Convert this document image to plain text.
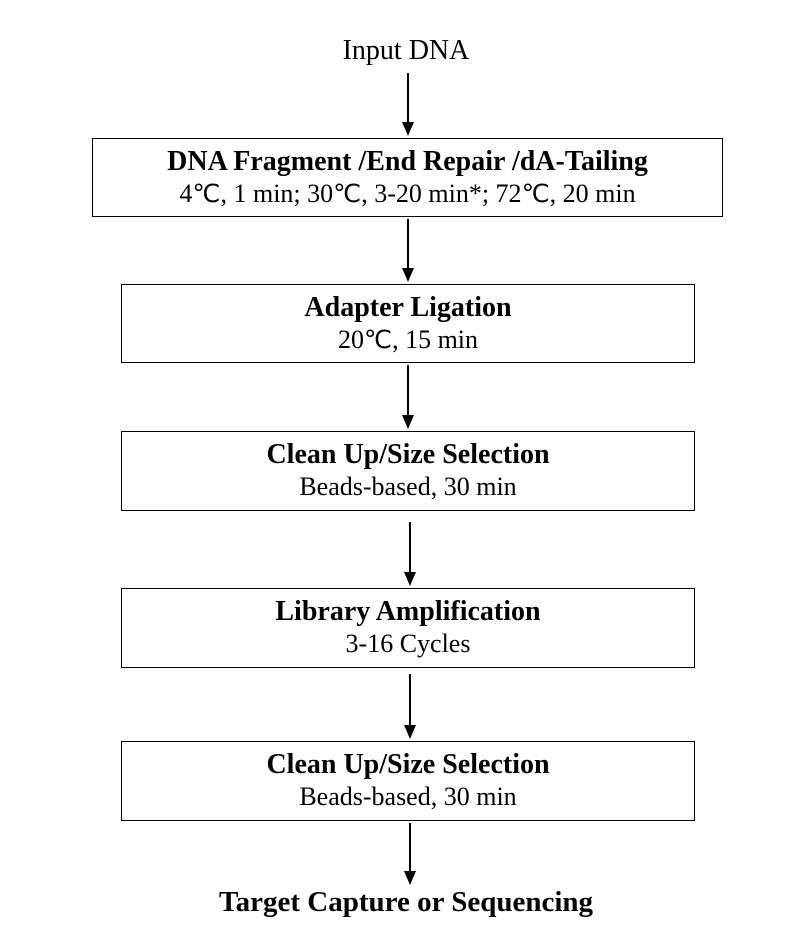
Input DNA
DNA Fragment /End Repair /dA-Tailing
4℃, 1 min; 30℃, 3-20 min*; 72℃, 20 min
Adapter Ligation
20℃, 15 min
Clean Up/Size Selection
Beads-based, 30 min
Library Amplification
3-16 Cycles
Clean Up/Size Selection
Beads-based, 30 min
Target Capture or Sequencing
